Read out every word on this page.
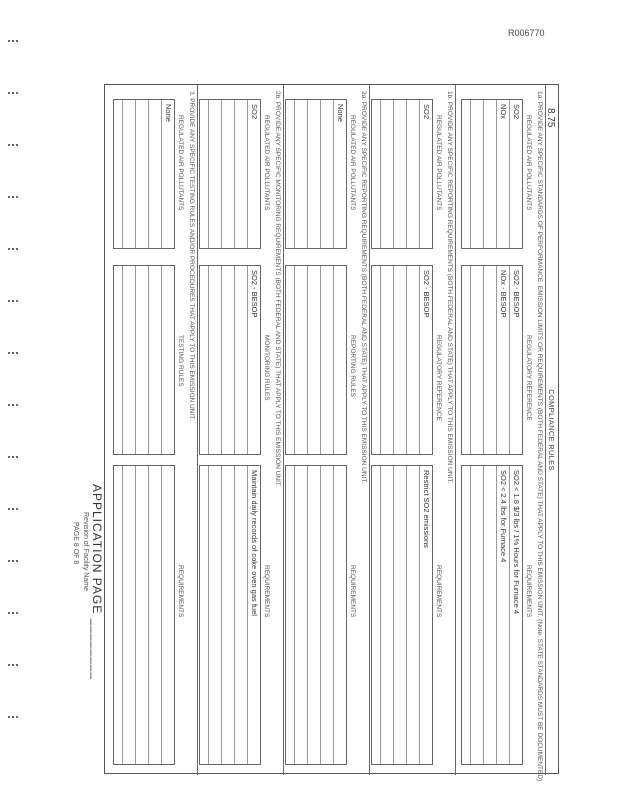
R006770
8.75
COMPLIANCE RULES
1a. PROVIDE ANY SPECIFIC STANDARDS OF PERFORMANCE, EMISSION LIMITS OR REQUIREMENTS (BOTH FEDERAL AND STATE) THAT APPLY TO THIS EMISSION UNIT. (Note: STATE STANDARDS MUST BE DOCUMENTED)
REGULATED AIR POLLUTANTS
REGULATORY REFERENCE
REQUIREMENTS
SO2
NOx
SO2 - BESOP
NOx - BESOP
SO2 < 1.8 $/3 lbs / 1% Hours for Furnace 4
SO2 < 2.4 lbs for Furnace 4
1b. PROVIDE ANY SPECIFIC REPORTING REQUIREMENTS (BOTH FEDERAL AND STATE) THAT APPLY TO THIS EMISSION UNIT.
REGULATED AIR POLLUTANTS
REGULATORY REFERENCE
REQUIREMENTS
SO2
SO2 - BESOP
Restrict SO2 emissions
2a. PROVIDE ANY SPECIFIC REPORTING REQUIREMENTS (BOTH FEDERAL AND STATE) THAT APPLY TO THIS EMISSION UNIT.
REGULATED AIR POLLUTANTS
REPORTING RULES
REQUIREMENTS
None
2b. PROVIDE ANY SPECIFIC MONITORING REQUIREMENTS (BOTH FEDERAL AND STATE) THAT APPLY TO THIS EMISSION UNIT.
REGULATED AIR POLLUTANTS
MONITORING RULES
REQUIREMENTS
SO2
SO2 - BESOP
Maintain daily records of coke oven gas fuel
3. PROVIDE ANY SPECIFIC TESTING RULES AND/OR PROCEDURES THAT APPLY TO THIS EMISSION UNIT.
REGULATED AIR POLLUTANTS
TESTING RULES
REQUIREMENTS
None
APPLICATION PAGE ________
Revision of Facility Name
PAGE 8 OF 8
